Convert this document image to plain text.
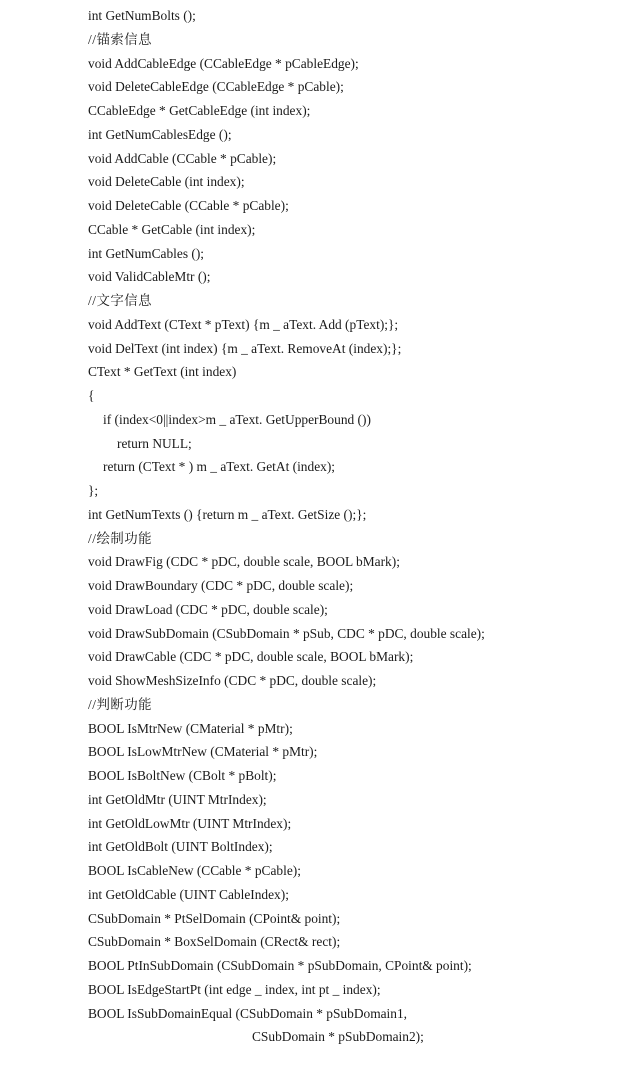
int GetNumBolts ();
//锚索信息
void AddCableEdge (CCableEdge * pCableEdge);
void DeleteCableEdge (CCableEdge * pCable);
CCableEdge * GetCableEdge (int index);
int GetNumCablesEdge ();
void AddCable (CCable * pCable);
void DeleteCable (int index);
void DeleteCable (CCable * pCable);
CCable * GetCable (int index);
int GetNumCables ();
void ValidCableMtr ();
//文字信息
void AddText (CText * pText) {m _ aText. Add (pText);};
void DelText (int index) {m _ aText. RemoveAt (index);};
CText * GetText (int index)
{
if (index<0||index>m _ aText. GetUpperBound ())
return NULL;
return (CText * ) m _ aText. GetAt (index);
};
int GetNumTexts () {return m _ aText. GetSize ();};
//绘制功能
void DrawFig (CDC * pDC, double scale, BOOL bMark);
void DrawBoundary (CDC * pDC, double scale);
void DrawLoad (CDC * pDC, double scale);
void DrawSubDomain (CSubDomain * pSub, CDC * pDC, double scale);
void DrawCable (CDC * pDC, double scale, BOOL bMark);
void ShowMeshSizeInfo (CDC * pDC, double scale);
//判断功能
BOOL IsMtrNew (CMaterial * pMtr);
BOOL IsLowMtrNew (CMaterial * pMtr);
BOOL IsBoltNew (CBolt * pBolt);
int GetOldMtr (UINT MtrIndex);
int GetOldLowMtr (UINT MtrIndex);
int GetOldBolt (UINT BoltIndex);
BOOL IsCableNew (CCable * pCable);
int GetOldCable (UINT CableIndex);
CSubDomain * PtSelDomain (CPoint& point);
CSubDomain * BoxSelDomain (CRect& rect);
BOOL PtInSubDomain (CSubDomain * pSubDomain, CPoint& point);
BOOL IsEdgeStartPt (int edge _ index, int pt _ index);
BOOL IsSubDomainEqual (CSubDomain * pSubDomain1,
CSubDomain * pSubDomain2);
